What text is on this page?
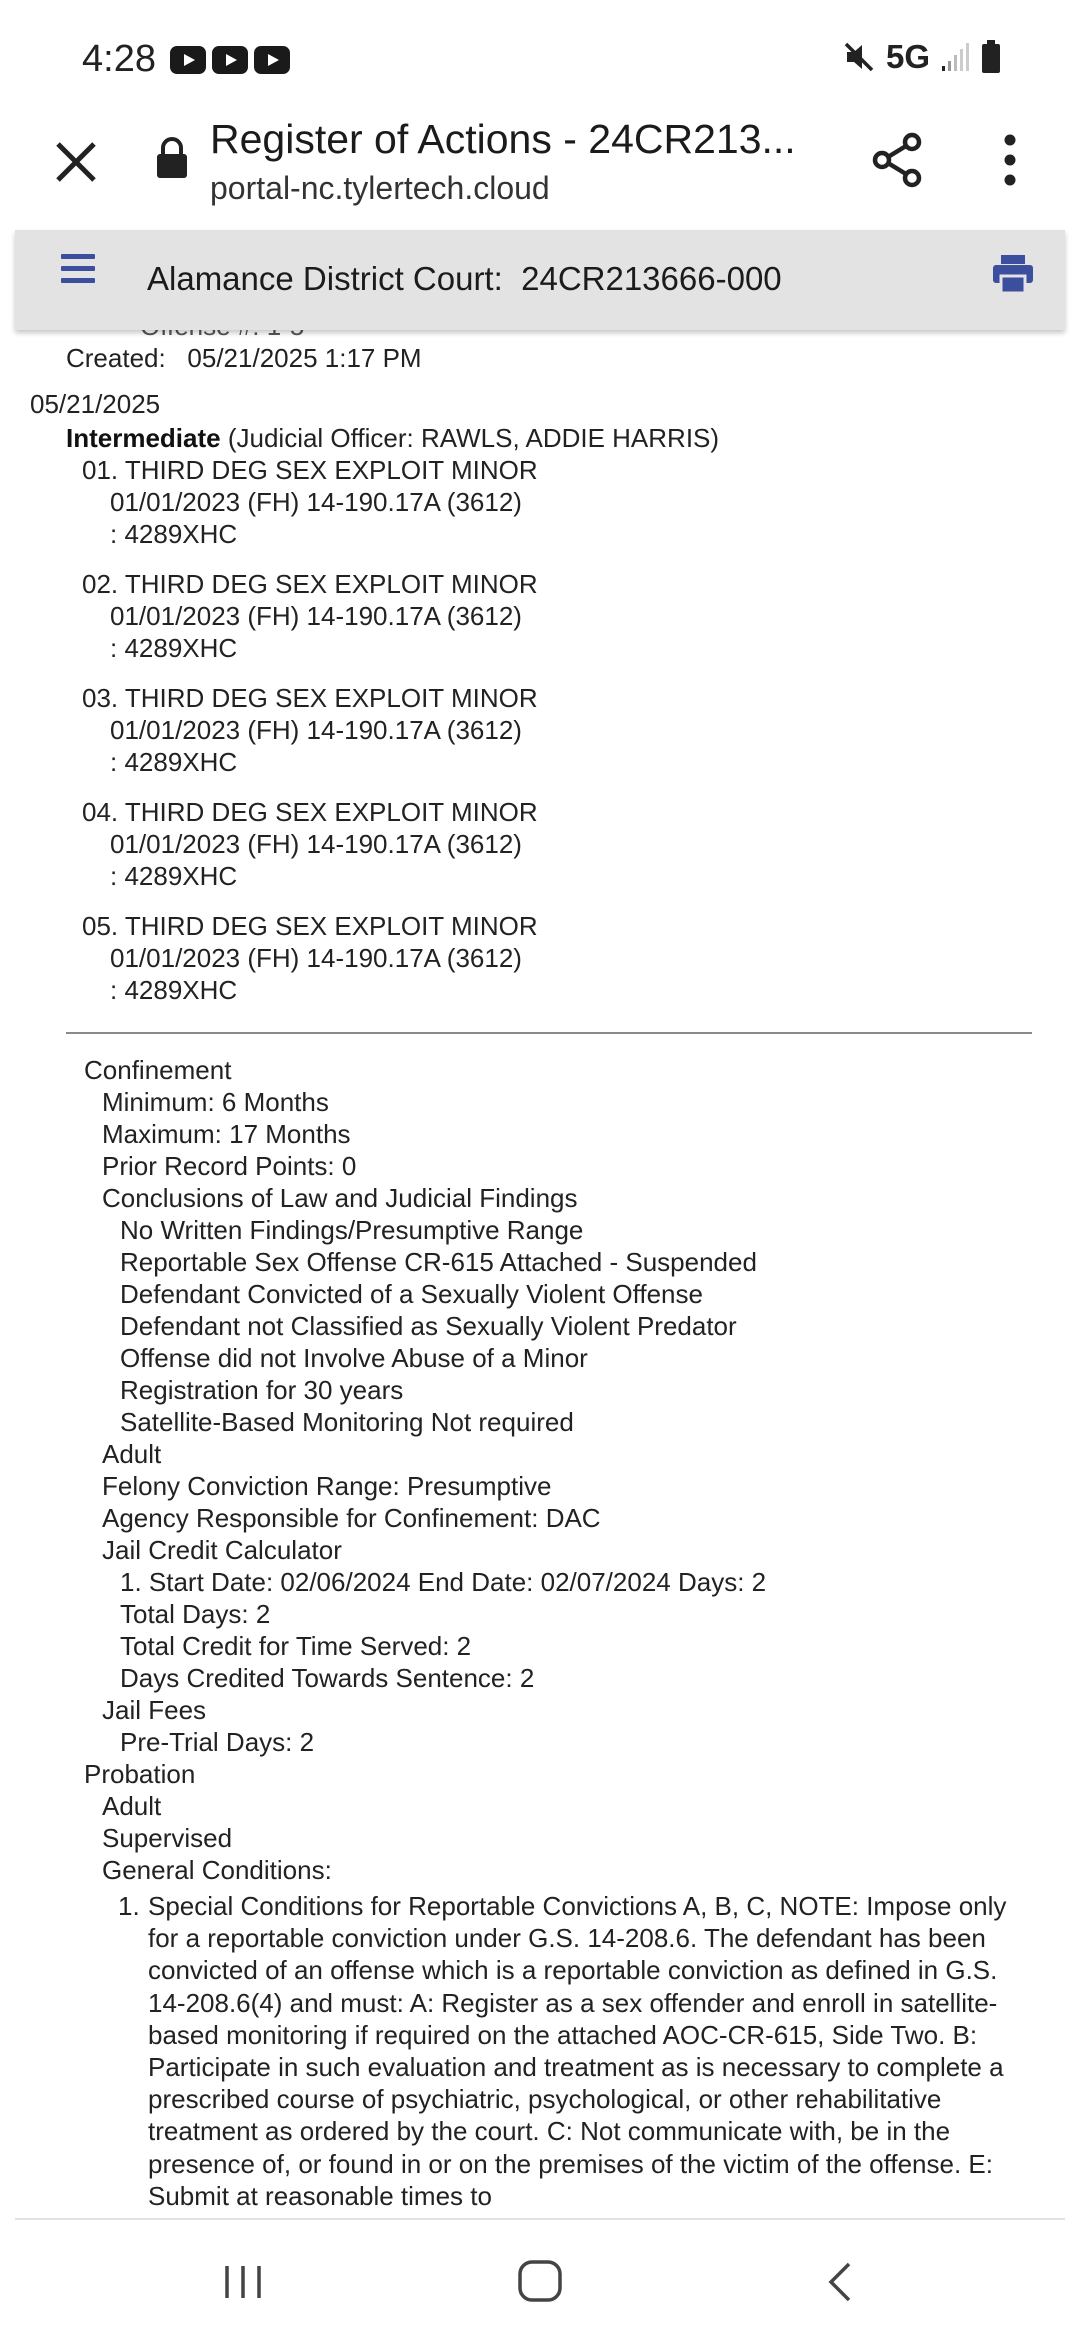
4:28	5G
Register of Actions - 24CR213...
portal-nc.tylertech.cloud
Alamance District Court: 24CR213666-000
Created: 05/21/2025 1:17 PM
05/21/2025
Intermediate (Judicial Officer: RAWLS, ADDIE HARRIS)
01. THIRD DEG SEX EXPLOIT MINOR
01/01/2023 (FH) 14-190.17A (3612)
: 4289XHC
02. THIRD DEG SEX EXPLOIT MINOR
01/01/2023 (FH) 14-190.17A (3612)
: 4289XHC
03. THIRD DEG SEX EXPLOIT MINOR
01/01/2023 (FH) 14-190.17A (3612)
: 4289XHC
04. THIRD DEG SEX EXPLOIT MINOR
01/01/2023 (FH) 14-190.17A (3612)
: 4289XHC
05. THIRD DEG SEX EXPLOIT MINOR
01/01/2023 (FH) 14-190.17A (3612)
: 4289XHC
Confinement
Minimum: 6 Months
Maximum: 17 Months
Prior Record Points: 0
Conclusions of Law and Judicial Findings
No Written Findings/Presumptive Range
Reportable Sex Offense CR-615 Attached - Suspended
Defendant Convicted of a Sexually Violent Offense
Defendant not Classified as Sexually Violent Predator
Offense did not Involve Abuse of a Minor
Registration for 30 years
Satellite-Based Monitoring Not required
Adult
Felony Conviction Range: Presumptive
Agency Responsible for Confinement: DAC
Jail Credit Calculator
1. Start Date: 02/06/2024 End Date: 02/07/2024 Days: 2
Total Days: 2
Total Credit for Time Served: 2
Days Credited Towards Sentence: 2
Jail Fees
Pre-Trial Days: 2
Probation
Adult
Supervised
General Conditions:
1. Special Conditions for Reportable Convictions A, B, C, NOTE: Impose only for a reportable conviction under G.S. 14-208.6. The defendant has been convicted of an offense which is a reportable conviction as defined in G.S. 14-208.6(4) and must: A: Register as a sex offender and enroll in satellite-based monitoring if required on the attached AOC-CR-615, Side Two. B: Participate in such evaluation and treatment as is necessary to complete a prescribed course of psychiatric, psychological, or other rehabilitative treatment as ordered by the court. C: Not communicate with, be in the presence of, or found in or on the premises of the victim of the offense. E: Submit at reasonable times to
